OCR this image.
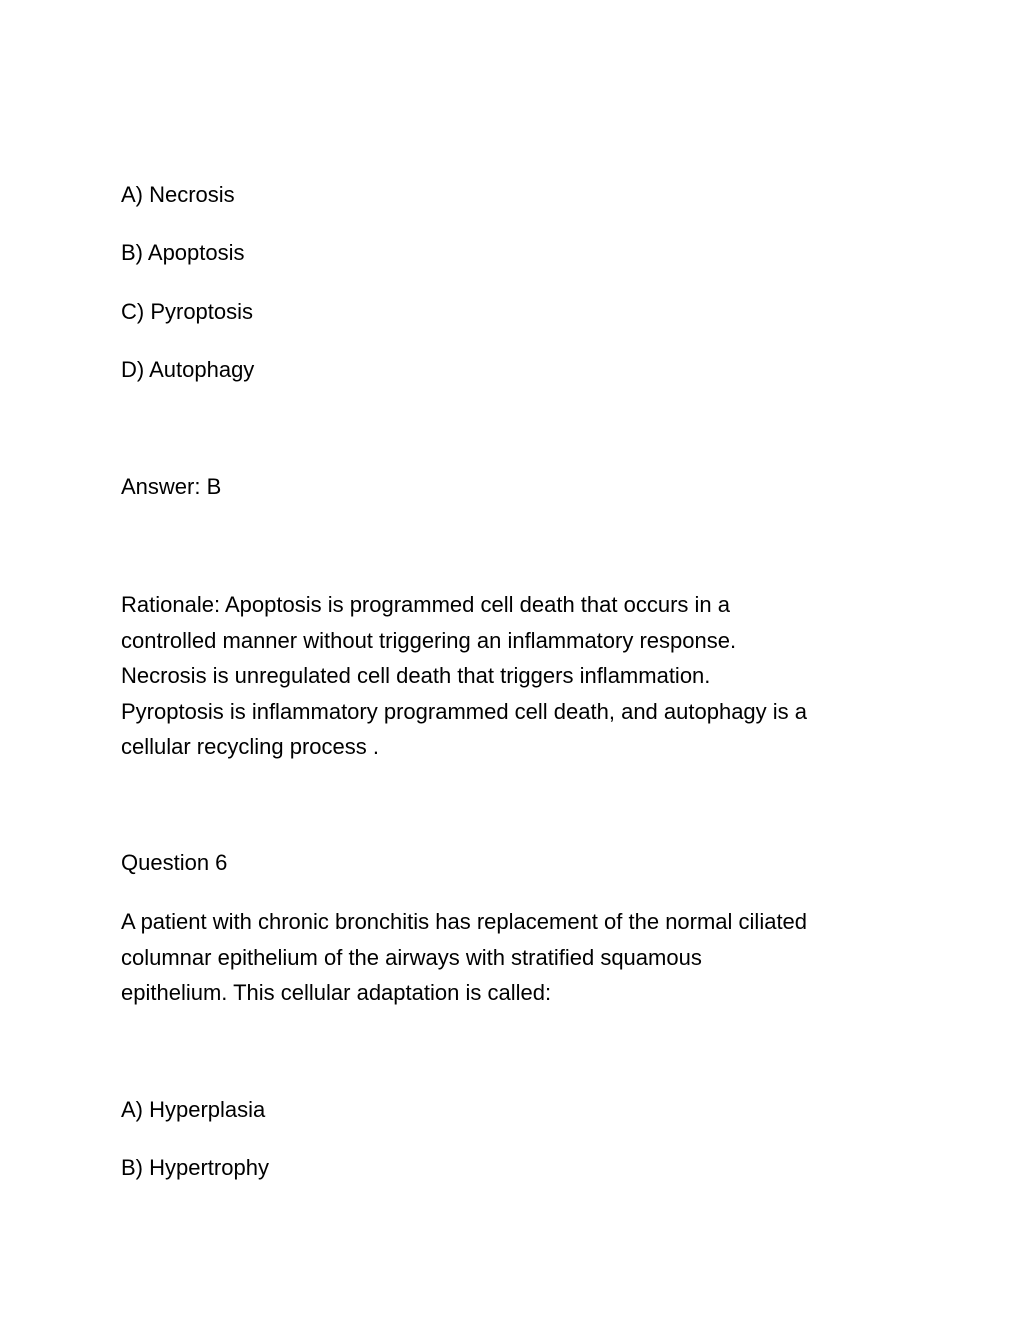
A) Necrosis
B) Apoptosis
C) Pyroptosis
D) Autophagy
Answer: B
Rationale: Apoptosis is programmed cell death that occurs in a
controlled manner without triggering an inflammatory response.
Necrosis is unregulated cell death that triggers inflammation.
Pyroptosis is inflammatory programmed cell death, and autophagy is a
cellular recycling process .
Question 6
A patient with chronic bronchitis has replacement of the normal ciliated
columnar epithelium of the airways with stratified squamous
epithelium. This cellular adaptation is called:
A) Hyperplasia
B) Hypertrophy
